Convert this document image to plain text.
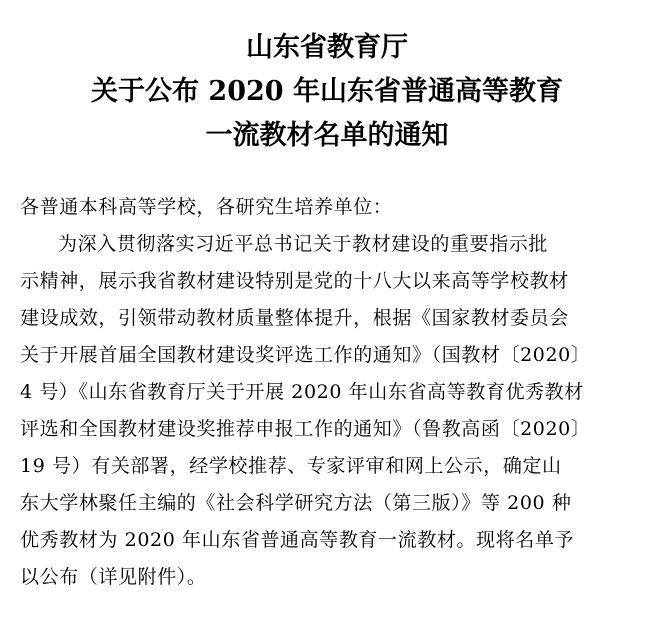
山东省教育厅
关于公布 2020 年山东省普通高等教育
一流教材名单的通知
各普通本科高等学校，各研究生培养单位：
为深入贯彻落实习近平总书记关于教材建设的重要指示批
示精神，展示我省教材建设特别是党的十八大以来高等学校教材
建设成效，引领带动教材质量整体提升，根据《国家教材委员会
关于开展首届全国教材建设奖评选工作的通知》（国教材〔2020〕
4 号）《山东省教育厅关于开展 2020 年山东省高等教育优秀教材
评选和全国教材建设奖推荐申报工作的通知》（鲁教高函〔2020〕
19 号）有关部署，经学校推荐、专家评审和网上公示，确定山
东大学林聚任主编的《社会科学研究方法（第三版）》等 200 种
优秀教材为 2020 年山东省普通高等教育一流教材。现将名单予
以公布（详见附件）。
